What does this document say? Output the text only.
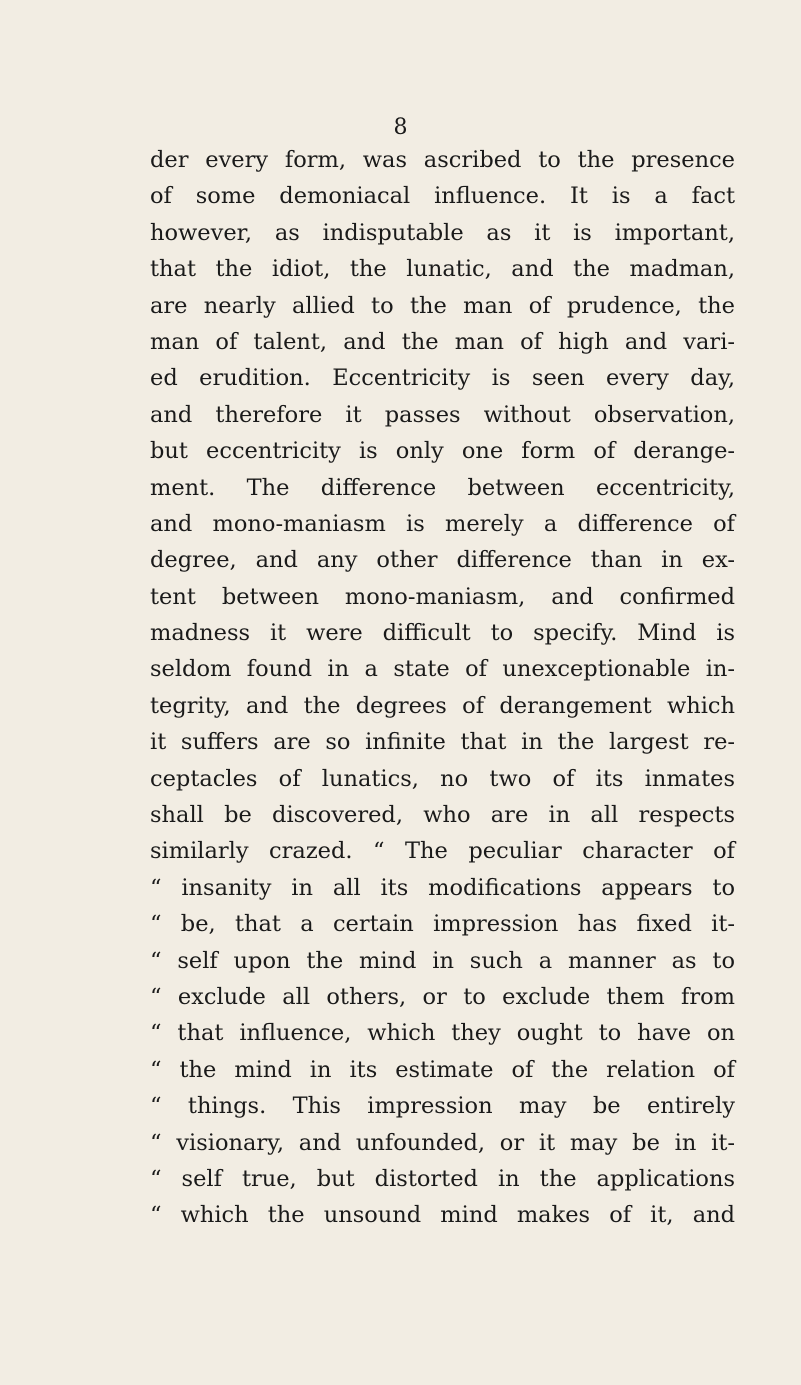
8
der every form, was ascribed to the presence
of some demoniacal influence. It is a fact
however, as indisputable as it is important,
that the idiot, the lunatic, and the madman,
are nearly allied to the man of prudence, the
man of talent, and the man of high and vari-
ed erudition. Eccentricity is seen every day,
and therefore it passes without observation,
but eccentricity is only one form of derange-
ment. The difference between eccentricity,
and mono-maniasm is merely a difference of
degree, and any other difference than in ex-
tent between mono-maniasm, and confirmed
madness it were difficult to specify. Mind is
seldom found in a state of unexceptionable in-
tegrity, and the degrees of derangement which
it suffers are so infinite that in the largest re-
ceptacles of lunatics, no two of its inmates
shall be discovered, who are in all respects
similarly crazed. “ The peculiar character of
“ insanity in all its modifications appears to
“ be, that a certain impression has fixed it-
“ self upon the mind in such a manner as to
“ exclude all others, or to exclude them from
“ that influence, which they ought to have on
“ the mind in its estimate of the relation of
“ things. This impression may be entirely
“ visionary, and unfounded, or it may be in it-
“ self true, but distorted in the applications
“ which the unsound mind makes of it, and
